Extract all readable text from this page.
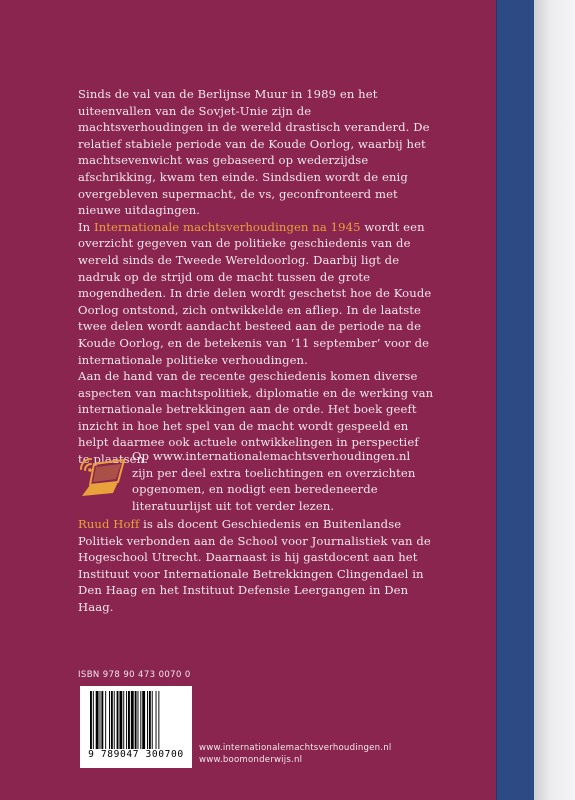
Sinds de val van de Berlijnse Muur in 1989 en het uiteenvallen van de Sovjet-Unie zijn de machtsverhoudingen in de wereld drastisch veranderd. De relatief stabiele periode van de Koude Oorlog, waarbij het machtsevenwicht was gebaseerd op wederzijdse afschrikking, kwam ten einde. Sindsdien wordt de enig overgebleven supermacht, de vs, geconfronteerd met nieuwe uitdagingen.

In Internationale machtsverhoudingen na 1945 wordt een overzicht gegeven van de politieke geschiedenis van de wereld sinds de Tweede Wereldoorlog. Daarbij ligt de nadruk op de strijd om de macht tussen de grote mogendheden. In drie delen wordt geschetst hoe de Koude Oorlog ontstond, zich ontwikkelde en afliep. In de laatste twee delen wordt aandacht besteed aan de periode na de Koude Oorlog, en de betekenis van ‘11 september’ voor de internationale politieke verhoudingen.

Aan de hand van de recente geschiedenis komen diverse aspecten van machtspolitiek, diplomatie en de werking van internationale betrekkingen aan de orde. Het boek geeft inzicht in hoe het spel van de macht wordt gespeeld en helpt daarmee ook actuele ontwikkelingen in perspectief te plaatsen.

Op www.internationalemachtsverhoudingen.nl zijn per deel extra toelichtingen en overzichten opgenomen, en nodigt een beredeneerde literatuurlijst uit tot verder lezen.
Ruud Hoff is als docent Geschiedenis en Buitenlandse Politiek verbonden aan de School voor Journalistiek van de Hogeschool Utrecht. Daarnaast is hij gastdocent aan het Instituut voor Internationale Betrekkingen Clingendael in Den Haag en het Instituut Defensie Leergangen in Den Haag.
ISBN 978 90 473 0070 0
9 789047 300700
www.internationalemachtsverhoudingen.nl
www.boomonderwijs.nl
